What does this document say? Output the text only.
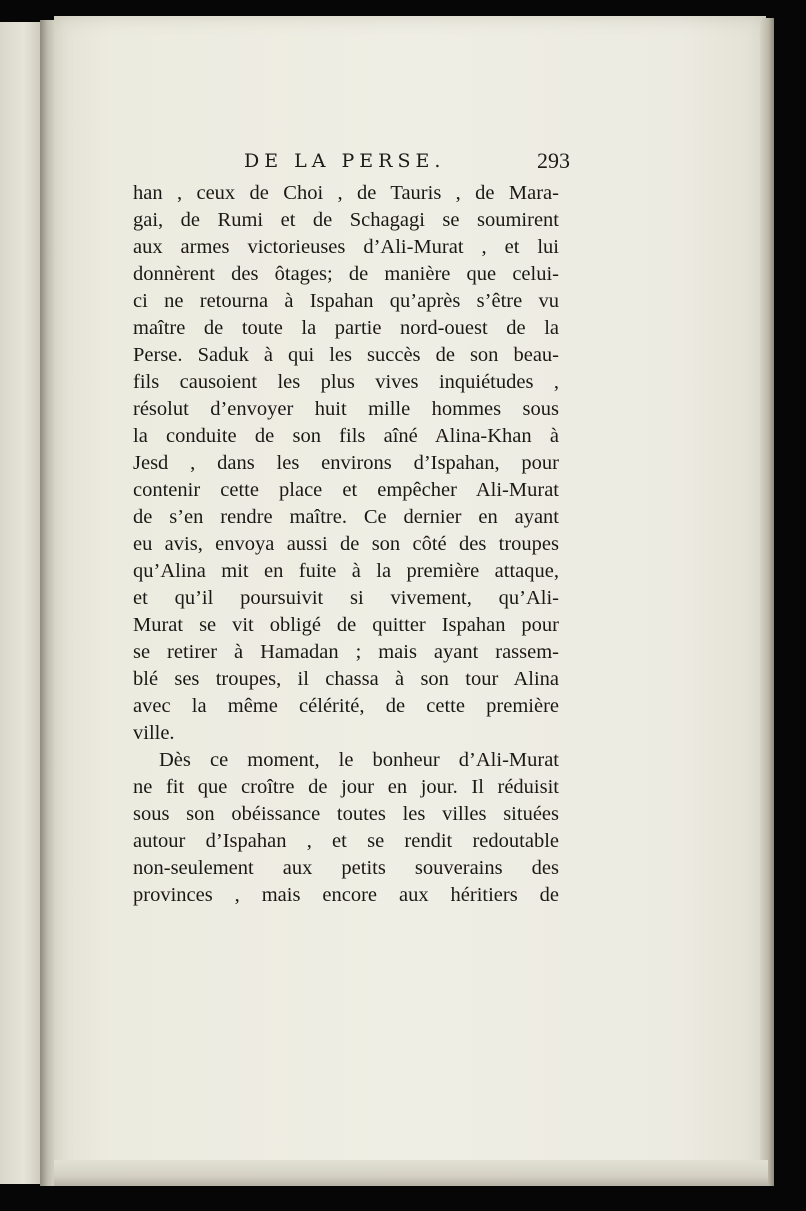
DE LA PERSE.	293
han , ceux de Choi , de Tauris , de Mara-
gai, de Rumi et de Schagagi se soumirent
aux armes victorieuses d’Ali-Murat , et lui
donnèrent des ôtages; de manière que celui-
ci ne retourna à Ispahan qu’après s’être vu
maître de toute la partie nord-ouest de la
Perse. Saduk à qui les succès de son beau-
fils causoient les plus vives inquiétudes ,
résolut d’envoyer huit mille hommes sous
la conduite de son fils aîné Alina-Khan à
Jesd , dans les environs d’Ispahan, pour
contenir cette place et empêcher Ali-Murat
de s’en rendre maître. Ce dernier en ayant
eu avis, envoya aussi de son côté des troupes
qu’Alina mit en fuite à la première attaque,
et qu’il poursuivit si vivement, qu’Ali-
Murat se vit obligé de quitter Ispahan pour
se retirer à Hamadan ; mais ayant rassem-
blé ses troupes, il chassa à son tour Alina
avec la même célérité, de cette première
ville.
Dès ce moment, le bonheur d’Ali-Murat
ne fit que croître de jour en jour. Il réduisit
sous son obéissance toutes les villes situées
autour d’Ispahan , et se rendit redoutable
non-seulement aux petits souverains des
provinces , mais encore aux héritiers de
